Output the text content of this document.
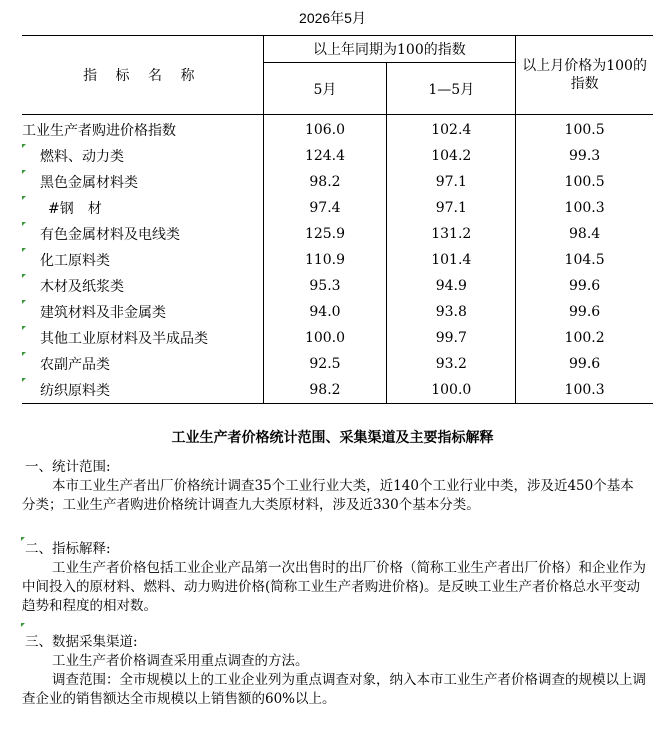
2026年5月
指 标 名 称	以上年同期为100的指数		以上月价格为100的指数
	5月	1—5月	
工业生产者购进价格指数	106.0	102.4	100.5

燃料、动力类	124.4	104.2	99.3

黑色金属材料类	98.2	97.1	100.5

#钢　材	97.4	97.1	100.3

有色金属材料及电线类	125.9	131.2	98.4

化工原料类	110.9	101.4	104.5

木材及纸浆类	95.3	94.9	99.6

建筑材料及非金属类	94.0	93.8	99.6

其他工业原材料及半成品类	100.0	99.7	100.2

农副产品类	92.5	93.2	99.6

纺织原料类	98.2	100.0	100.3
工业生产者价格统计范围、采集渠道及主要指标解释

一、统计范围:

本市工业生产者出厂价格统计调查35个工业行业大类，近140个工业行业中类，涉及近450个基本分类；工业生产者购进价格统计调查九大类原材料，涉及近330个基本分类。

二、指标解释:

工业生产者价格包括工业企业产品第一次出售时的出厂价格（简称工业生产者出厂价格）和企业作为中间投入的原材料、燃料、动力购进价格(简称工业生产者购进价格)。是反映工业生产者价格总水平变动趋势和程度的相对数。

三、数据采集渠道:

工业生产者价格调查采用重点调查的方法。

调查范围：全市规模以上的工业企业列为重点调查对象，纳入本市工业生产者价格调查的规模以上调查企业的销售额达全市规模以上销售额的60%以上。
